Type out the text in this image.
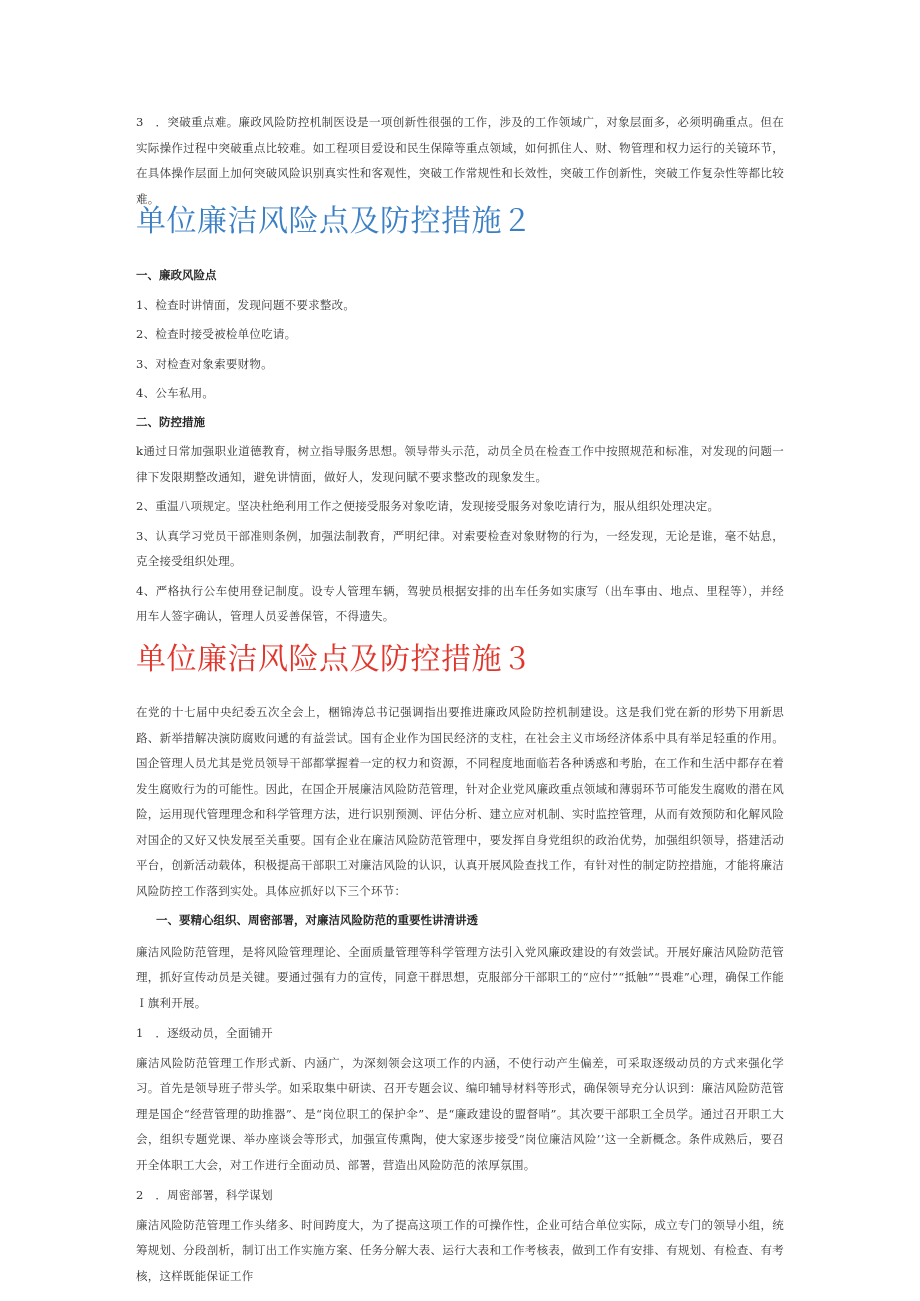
3　．突破重点难。廉政风险防控机制医设是一项创新性很强的工作，涉及的工作领域广，对象层面多，必须明确重点。但在实际操作过程中突破重点比较难。如工程项目爱设和民生保障等重点领域，如何抓住人、财、物管理和权力运行的关镜环节，在具体操作层面上加何突破风险识别真实性和客观性，突破工作常规性和长效性，突破工作创新性，突破工作复杂性等都比较难。

单位廉洁风险点及防控措施２
一、廉政风险点

1、检查时讲情面，发现问题不要求整改。

2、检查时接受被检单位吃请。

3、对检查对象索要财物。

4、公车私用。

二、防控措施

k通过日常加强职业道德教育，树立指导服务思想。领导带头示范，动员全员在检查工作中按照规范和标准，对发现的问题一律下发限期整改通知，避免讲情面，做好人，发现问賦不要求整改的现象发生。

2、重温八项规定。坚决杜绝利用工作之便接受服务对象吃请，发现接受服务对象吃请行为，服从组织处理决定。

3、认真学习党员干部准则条例，加强法制教育，严明纪律。对索要检查对象财物的行为，一经发现，无论是谁，毫不姑息，克全接受组织处理。

4、严格执行公车使用登记制度。设专人管理车辆，驾驶员根据安排的出车任务如实康写（出车事由、地点、里程等），并经用车人签字确认，管理人员妥善保管，不得遗失。

单位廉洁风险点及防控措施３

在党的十七届中央纪委五次全会上，梱锦涛总书记强调指出要推进廉政风险防控机制建设。这是我们党在新的形势下用新思路、新举措解决演防腐败问遞的有益尝试。国有企业作为国民经济的支柱，在社会主义市场经济体系中具有举足轻重的作用。国企管理人员尤其是党员领导干部都掌握着一定的权力和资源，不同程度地面临若各种诱惑和考胎，在工作和生活中都存在着发生腐败行为的可能性。因此，在国企开展廉洁风险防范管理，针对企业党风廉政重点领域和薄弱环节可能发生腐败的潜在风险，运用现代管理理念和科学管理方法，进行识别预测、评估分析、建立应对机制、实时监控管理，从而有效预防和化解风险对国企的又好又快发展至关重要。国有企业在廉洁风险防范管理中，要发挥自身党组织的政治优势，加强组织领导，搭建活动平台，创新活动载体，积极提高干部职工对廉洁风险的认识，认真开展风险查找工作，有针对性的制定防控措施，才能将廉洁风险防控工作落到实处。具体应抓好以下三个环节：

一、要精心组织、周密部署，对廉洁风险防范的重要性讲清讲透

廉洁风险防范管理，是将风险管理理论、全面质量管理等科学管理方法引入党风廉政建设的有效尝试。开展好廉洁风险防范管理，抓好宣传动员是关键。要通过强有力的宣传，同意干群思想，克服部分干部职工的“应付”“抵触”“畏难”心理，确保工作能Ｉ旗利开展。

1　．逐级动员，全面铺开

廉洁风险防范管理工作形式新、内涵广，为深刻领会这项工作的内涵，不使行动产生偏差，可采取逐级动员的方式来强化学习。首先是领导班子带头学。如采取集中研读、召开专题会议、编印辅导材料等形式，确保领导充分认识到：廉洁风险防范管理是国企“经营管理的助推器”、是“岗位职工的保护伞”、是“廉政建设的盟督哨”。其次要干部职工全员学。通过召开职工大会，组织专题党课、举办座谈会等形式，加强宣传熏陶，使大家逐步接受“岗位廉洁风险’’这一全新概念。条件成熟后，要召开全体职工大会，对工作进行全面动员、部署，营造出风险防范的浓厚氛围。

2　．周密部署，科学谋划

廉洁风险防范管理工作头绪多、时间跨度大，为了提高这项工作的可操作性，企业可结合单位实际，成立专门的领导小组，统筹规划、分段剖析，制订出工作实施方案、任务分解大表、运行大表和工作考核表，做到工作有安排、有规划、有检查、有考核，这样既能保证工作
